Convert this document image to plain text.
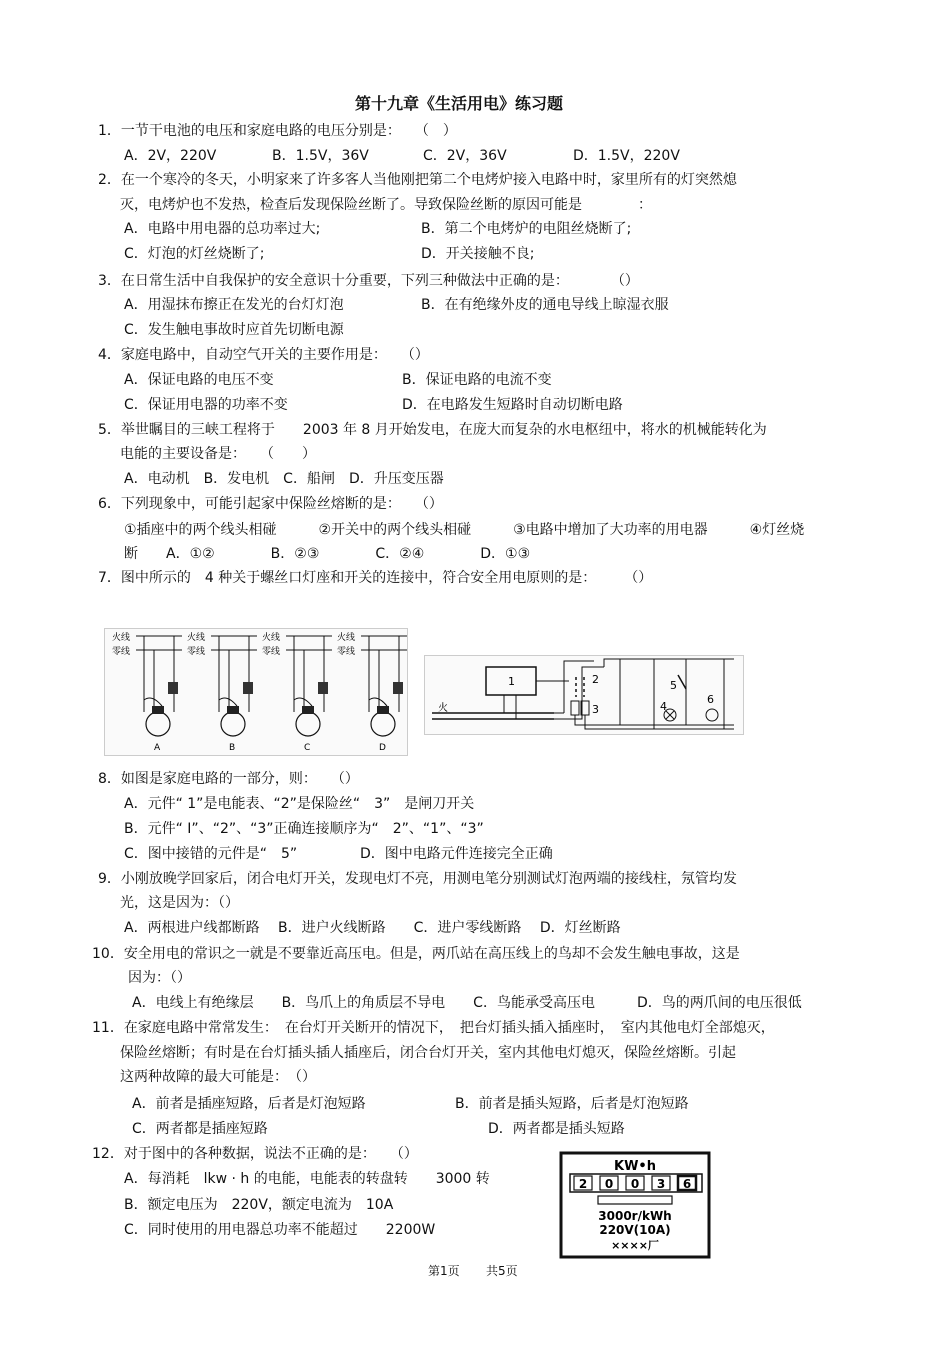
第十九章《生活用电》练习题
1．一节干电池的电压和家庭电路的电压分别是：　　（　）
A．2V，220V	B．1.5V，36V	C．2V，36V	D．1.5V，220V
2．在一个寒冷的冬天，小明家来了许多客人当他刚把第二个电烤炉接入电路中时，家里所有的灯突然熄
灭，电烤炉也不发热，检查后发现保险丝断了。导致保险丝断的原因可能是　　　　：
A．电路中用电器的总功率过大;	B．第二个电烤炉的电阻丝烧断了;
C．灯泡的灯丝烧断了;	D．开关接触不良;
3．在日常生活中自我保护的安全意识十分重要，下列三种做法中正确的是：　　　　（）
A．用湿抹布擦正在发光的台灯灯泡	B．在有绝缘外皮的通电导线上晾湿衣服
C．发生触电事故时应首先切断电源
4．家庭电路中，自动空气开关的主要作用是：　　（）
A．保证电路的电压不变	B．保证电路的电流不变
C．保证用电器的功率不变	D．在电路发生短路时自动切断电路
5．举世瞩目的三峡工程将于　　2003 年 8 月开始发电，在庞大而复杂的水电枢纽中，将水的机械能转化为
电能的主要设备是：　　（　　）
A．电动机　B．发电机　C．船闸　D．升压变压器
6．下列现象中，可能引起家中保险丝熔断的是：　　（）
①插座中的两个线头相碰　　　②开关中的两个线头相碰　　　③电路中增加了大功率的用电器　　　④灯丝烧
断　　A．①②　　　　B．②③　　　　C．②④　　　　D．①③
7．图中所示的　4 种关于螺丝口灯座和开关的连接中，符合安全用电原则的是：　　　（）
火线
零线
A
火线
零线
B
火线
零线
C
火线
零线
D
火
1	2
3
5
4
6
8．如图是家庭电路的一部分，则：　　（）
A．元件“ 1”是电能表、“2”是保险丝“　3”　是闸刀开关
B．元件“ I”、“2”、“3”正确连接顺序为“　2”、“1”、“3”
C．图中接错的元件是“　5”	D．图中电路元件连接完全正确
9．小刚放晚学回家后，闭合电灯开关，发现电灯不亮，用测电笔分别测试灯泡两端的接线柱，氖管均发
光，这是因为：（）
A．两根进户线都断路　 B．进户火线断路　　C．进户零线断路　 D．灯丝断路
10．安全用电的常识之一就是不要靠近高压电。但是，两爪站在高压线上的鸟却不会发生触电事故，这是
因为：（）
A．电线上有绝缘层　　B．鸟爪上的角质层不导电　　C．鸟能承受高压电　　　D．鸟的两爪间的电压很低
11．在家庭电路中常常发生：　在台灯开关断开的情况下，　把台灯插头插入插座时，　室内其他电灯全部熄灭，
保险丝熔断；有时是在台灯插头插人插座后，闭合台灯开关，室内其他电灯熄灭，保险丝熔断。引起
这两种故障的最大可能是：　（）
A．前者是插座短路，后者是灯泡短路	B．前者是插头短路，后者是灯泡短路
C．两者都是插座短路	D．两者都是插头短路
12．对于图中的各种数据，说法不正确的是：　　（）
A．每消耗　lkw · h 的电能，电能表的转盘转　　3000 转
B．额定电压为　220V，额定电流为　10A
C．同时使用的用电器总功率不能超过　　2200W
KW•h
2 0 0 3 6
3000r/kWh
220V(10A)
××××厂
第1页 共5页
